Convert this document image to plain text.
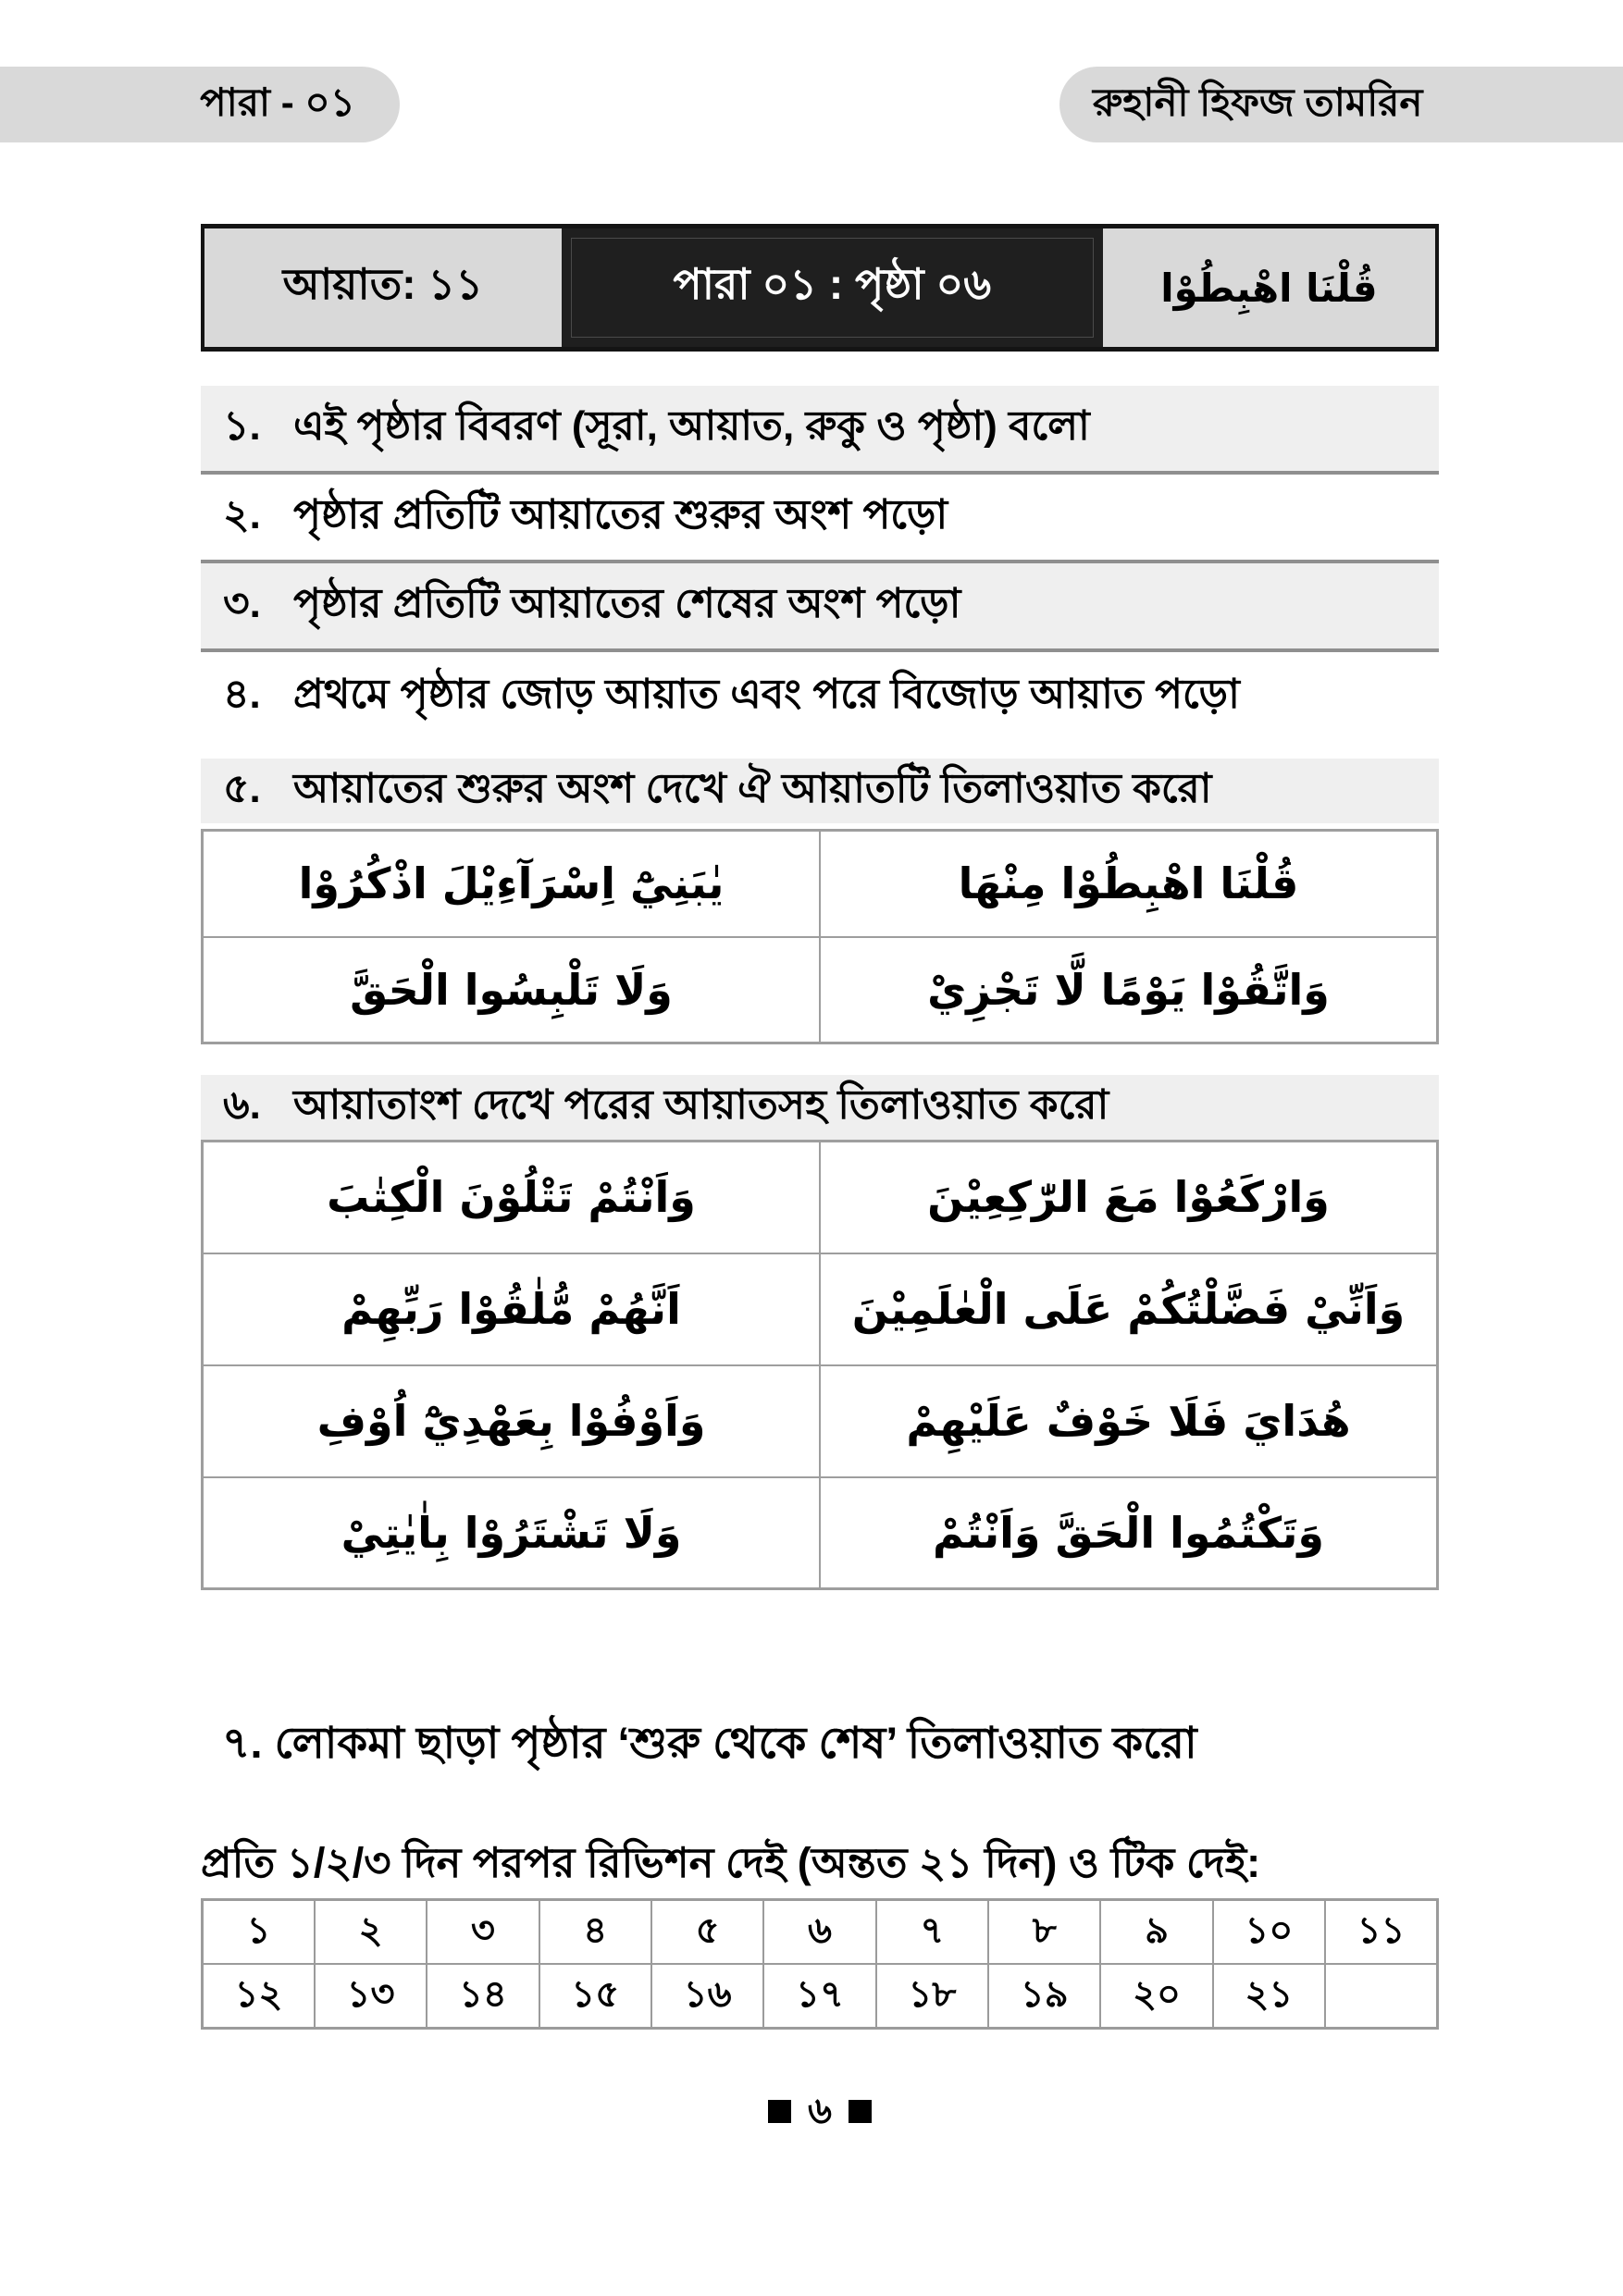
পারা - ০১	রুহানী হিফজ তামরিন
আয়াত: ১১	পারা ০১ : পৃষ্ঠা ০৬	قُلْنَا اهْبِطُوْا
১. এই পৃষ্ঠার বিবরণ (সূরা, আয়াত, রুকু ও পৃষ্ঠা) বলো
২. পৃষ্ঠার প্রতিটি আয়াতের শুরুর অংশ পড়ো
৩. পৃষ্ঠার প্রতিটি আয়াতের শেষের অংশ পড়ো
৪. প্রথমে পৃষ্ঠার জোড় আয়াত এবং পরে বিজোড় আয়াত পড়ো
৫. আয়াতের শুরুর অংশ দেখে ঐ আয়াতটি তিলাওয়াত করো
يٰبَنِيْٓ اِسْرَآءِيْلَ اذْكُرُوْا	قُلْنَا اهْبِطُوْا مِنْهَا
وَلَا تَلْبِسُوا الْحَقَّ	وَاتَّقُوْا يَوْمًا لَّا تَجْزِيْ
৬. আয়াতাংশ দেখে পরের আয়াতসহ তিলাওয়াত করো
وَاَنْتُمْ تَتْلُوْنَ الْكِتٰبَ	وَارْكَعُوْا مَعَ الرّٰكِعِيْنَ
اَنَّهُمْ مُّلٰقُوْا رَبِّهِمْ	وَاَنِّيْ فَضَّلْتُكُمْ عَلَى الْعٰلَمِيْنَ
وَاَوْفُوْا بِعَهْدِيْٓ اُوْفِ	هُدَايَ فَلَا خَوْفٌ عَلَيْهِمْ
وَلَا تَشْتَرُوْا بِاٰيٰتِيْ	وَتَكْتُمُوا الْحَقَّ وَاَنْتُمْ
৭. লোকমা ছাড়া পৃষ্ঠার ‘শুরু থেকে শেষ’ তিলাওয়াত করো
প্রতি ১/২/৩ দিন পরপর রিভিশন দেই (অন্তত ২১ দিন) ও টিক দেই:
১	২	৩	৪	৫	৬	৭	৮	৯	১০	১১
১২	১৩	১৪	১৫	১৬	১৭	১৮	১৯	২০	২১	
৬
